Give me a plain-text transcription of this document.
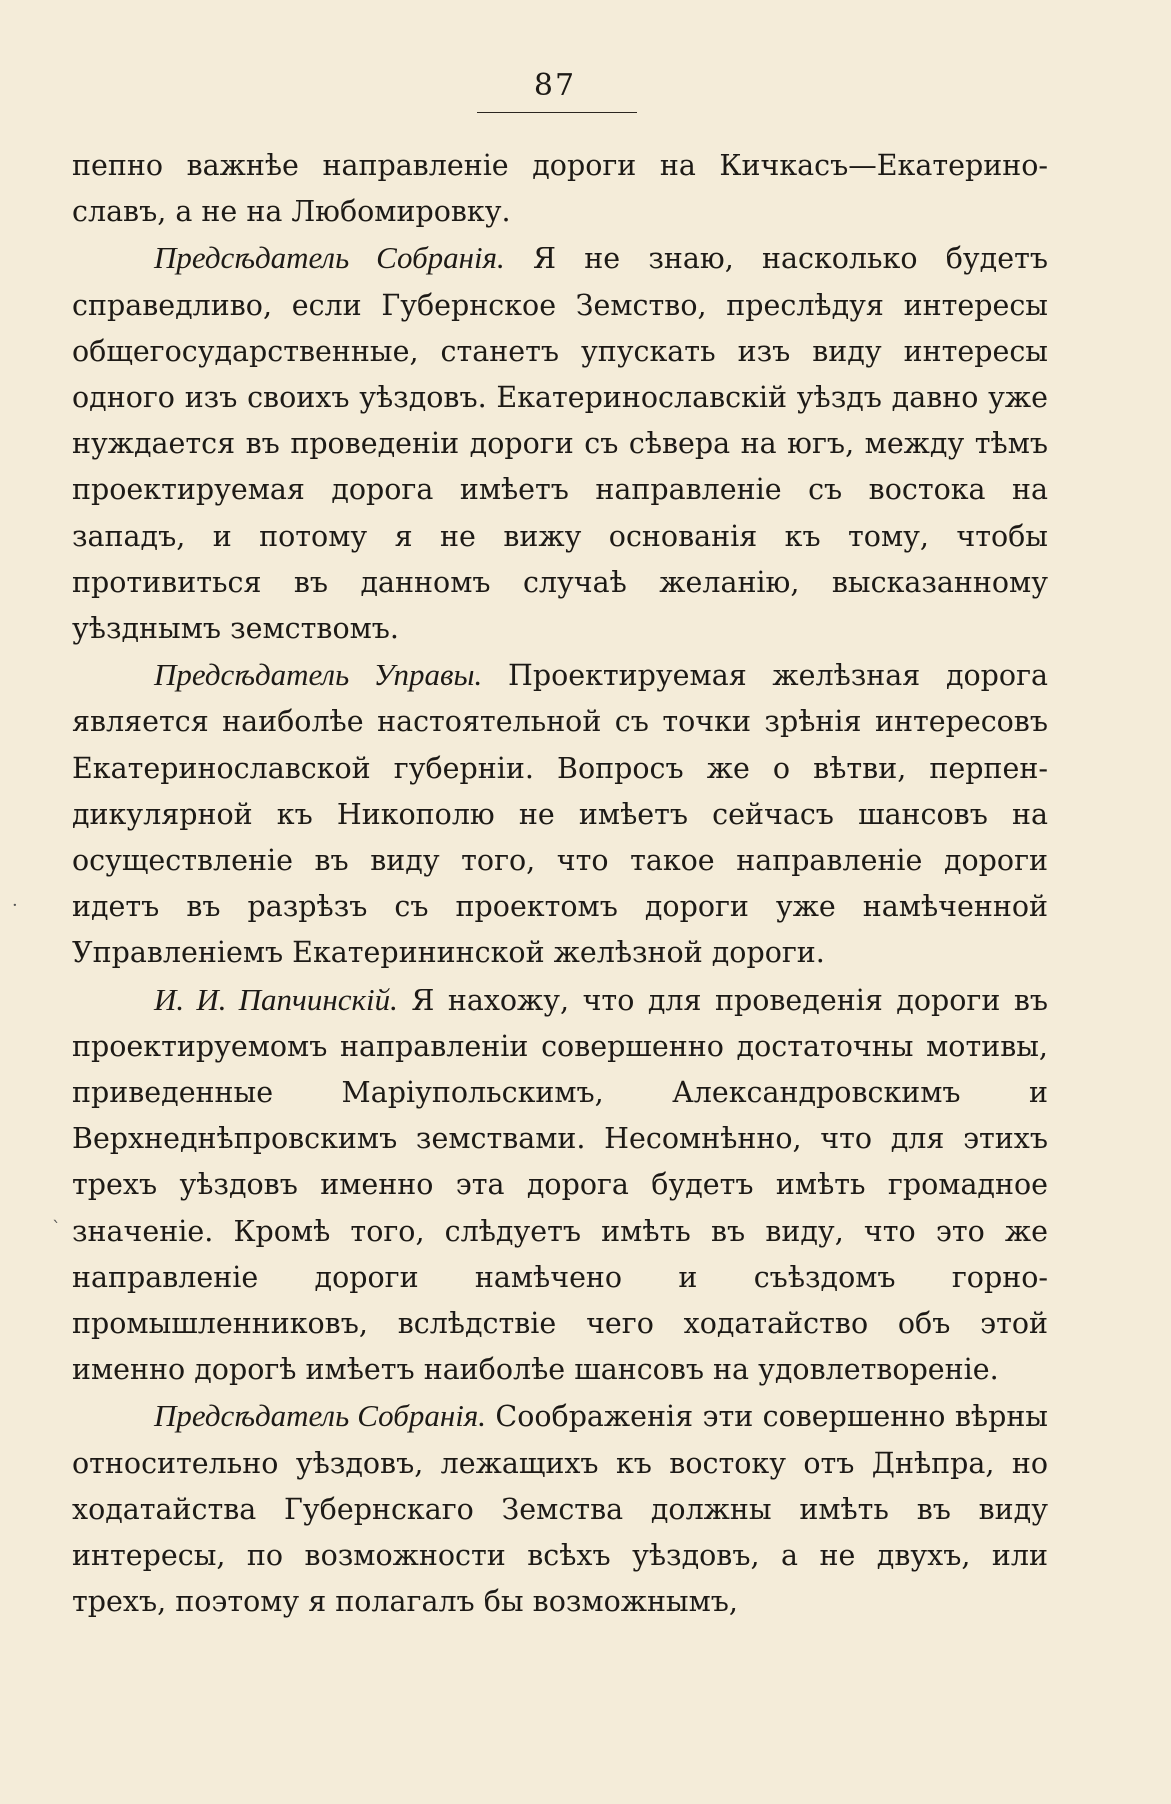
87

пепно важнѣе направленіе дороги на Кичкасъ—Екатеринославъ, а не на Любомировку.

Предсѣдатель Собранія. Я не знаю, насколько будетъ справедливо, если Губернское Земство, преслѣдуя интересы общегосударственные, станетъ упускать изъ виду интересы одного изъ своихъ уѣздовъ. Екатеринославскій уѣздъ давно уже нуждается въ проведеніи дороги съ сѣвера на югъ, между тѣмъ проектируемая дорога имѣетъ направленіе съ востока на западъ, и потому я не вижу основанія къ тому, чтобы противиться въ данномъ случаѣ желанію, высказанному уѣзднымъ земствомъ.

Предсѣдатель Управы. Проектируемая желѣзная дорога является наиболѣе настоятельной съ точки зрѣнія интересовъ Екатеринославской губерніи. Вопросъ же о вѣтви, перпендикулярной къ Никополю не имѣетъ сейчасъ шансовъ на осуществленіе въ виду того, что такое направленіе дороги идетъ въ разрѣзъ съ проектомъ дороги уже намѣченной Управленіемъ Екатерининской желѣзной дороги.

И. И. Папчинскій. Я нахожу, что для проведенія дороги въ проектируемомъ направленіи совершенно достаточны мотивы, приведенные Маріупольскимъ, Александровскимъ и Верхнеднѣпровскимъ земствами. Несомнѣнно, что для этихъ трехъ уѣздовъ именно эта дорога будетъ имѣть громадное значеніе. Кромѣ того, слѣдуетъ имѣть въ виду, что это же направленіе дороги намѣчено и съѣздомъ горнопромышленниковъ, вслѣдствіе чего ходатайство объ этой именно дорогѣ имѣетъ наиболѣе шансовъ на удовлетвореніе.

Предсѣдатель Собранія. Соображенія эти совершенно вѣрны относительно уѣздовъ, лежащихъ къ востоку отъ Днѣпра, но ходатайства Губернскаго Земства должны имѣть въ виду интересы, по возможности всѣхъ уѣздовъ, а не двухъ, или трехъ, поэтому я полагалъ бы возможнымъ,

·
ˋ
